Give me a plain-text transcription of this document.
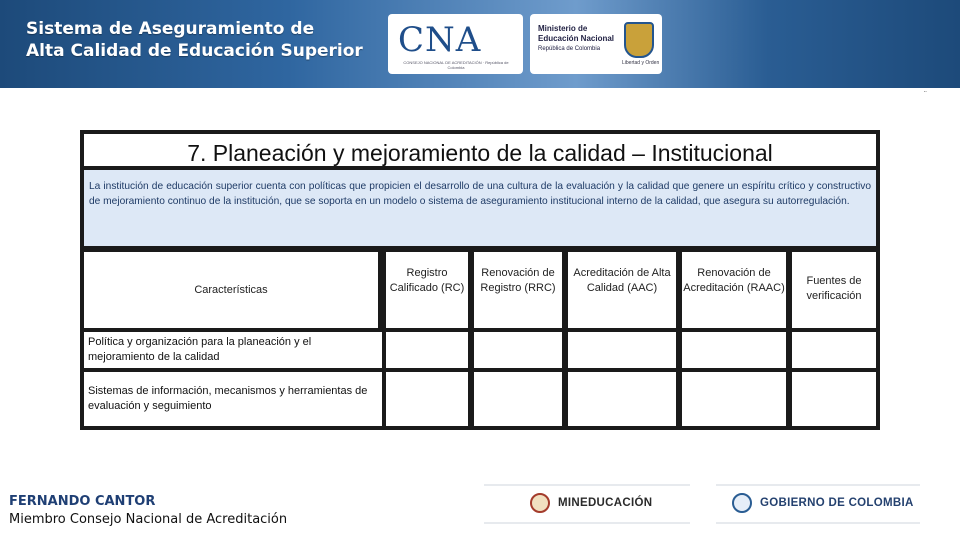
Sistema de Aseguramiento de
Alta Calidad de Educación Superior CNA
CONSEJO NACIONAL DE ACREDITACIÓN · República de Colombia
Ministerio de
Educación Nacional
República de Colombia
Libertad y Orden
¨
7. Planeación y mejoramiento de la calidad – Institucional
La institución de educación superior cuenta con políticas que propicien el desarrollo de una cultura de la evaluación y la calidad que genere un espíritu crítico y constructivo de mejoramiento continuo de la institución, que se soporta en un modelo o sistema de aseguramiento institucional interno de la calidad, que asegura su autorregulación.
Características
Registro Calificado (RC)
Renovación de Registro (RRC)
Acreditación de Alta Calidad (AAC)
Renovación de Acreditación (RAAC)
Fuentes de verificación
Política y organización para la planeación y el mejoramiento de la calidad
Sistemas de información, mecanismos y herramientas de evaluación y seguimiento
FERNANDO CANTOR
Miembro Consejo Nacional de Acreditación
MINEDUCACIÓN	GOBIERNO DE COLOMBIA
